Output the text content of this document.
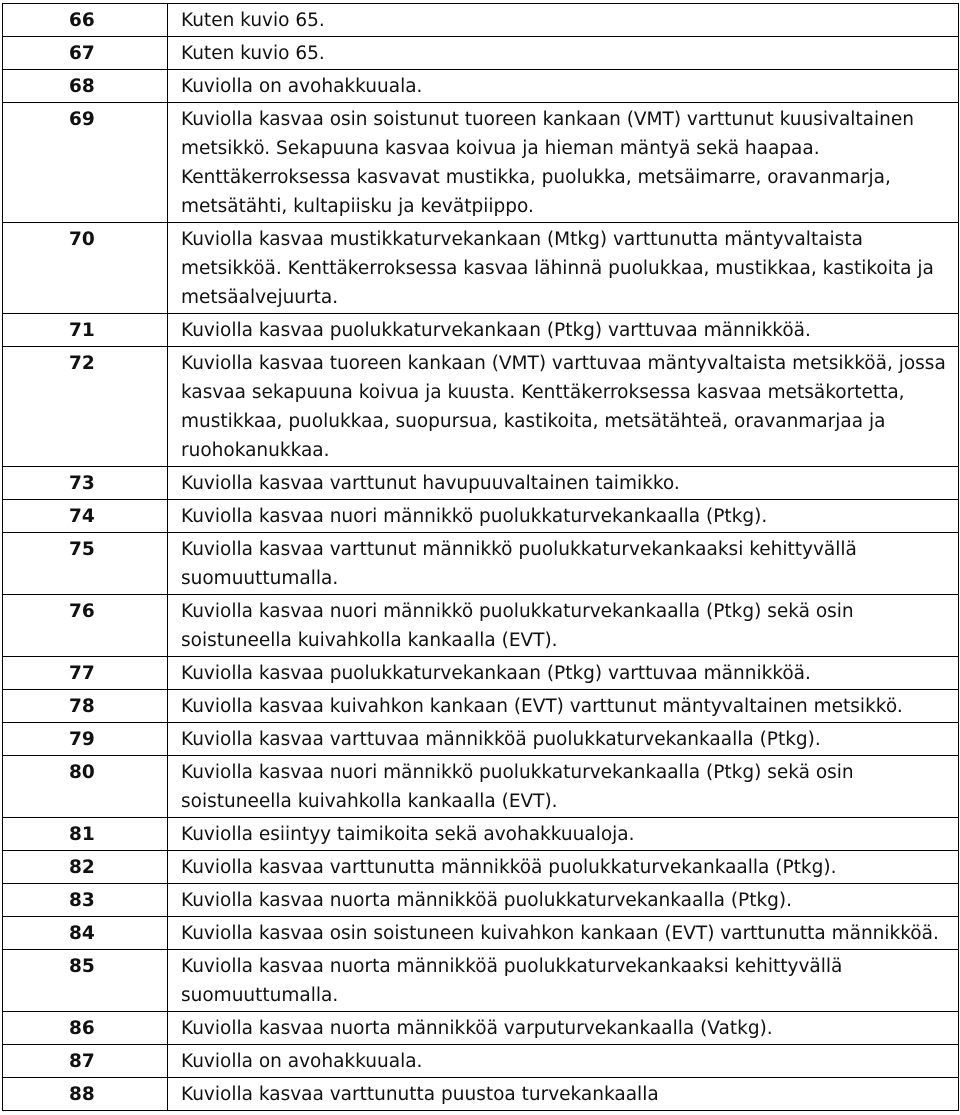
66	Kuten kuvio 65.
67	Kuten kuvio 65.
68	Kuviolla on avohakkuuala.
69	Kuviolla kasvaa osin soistunut tuoreen kankaan (VMT) varttunut kuusivaltainen metsikkö. Sekapuuna kasvaa koivua ja hieman mäntyä sekä haapaa. Kenttäkerroksessa kasvavat mustikka, puolukka, metsäimarre, oravanmarja, metsätähti, kultapiisku ja kevätpiippo.
70	Kuviolla kasvaa mustikkaturvekankaan (Mtkg) varttunutta mäntyvaltaista metsikköä. Kenttäkerroksessa kasvaa lähinnä puolukkaa, mustikkaa, kastikoita ja metsäalvejuurta.
71	Kuviolla kasvaa puolukkaturvekankaan (Ptkg) varttuvaa männikköä.
72	Kuviolla kasvaa tuoreen kankaan (VMT) varttuvaa mäntyvaltaista metsikköä, jossa kasvaa sekapuuna koivua ja kuusta. Kenttäkerroksessa kasvaa metsäkortetta, mustikkaa, puolukkaa, suopursua, kastikoita, metsätähteä, oravanmarjaa ja ruohokanukkaa.
73	Kuviolla kasvaa varttunut havupuuvaltainen taimikko.
74	Kuviolla kasvaa nuori männikkö puolukkaturvekankaalla (Ptkg).
75	Kuviolla kasvaa varttunut männikkö puolukkaturvekankaaksi kehittyvällä suomuuttumalla.
76	Kuviolla kasvaa nuori männikkö puolukkaturvekankaalla (Ptkg) sekä osin soistuneella kuivahkolla kankaalla (EVT).
77	Kuviolla kasvaa puolukkaturvekankaan (Ptkg) varttuvaa männikköä.
78	Kuviolla kasvaa kuivahkon kankaan (EVT) varttunut mäntyvaltainen metsikkö.
79	Kuviolla kasvaa varttuvaa männikköä puolukkaturvekankaalla (Ptkg).
80	Kuviolla kasvaa nuori männikkö puolukkaturvekankaalla (Ptkg) sekä osin soistuneella kuivahkolla kankaalla (EVT).
81	Kuviolla esiintyy taimikoita sekä avohakkuualoja.
82	Kuviolla kasvaa varttunutta männikköä puolukkaturvekankaalla (Ptkg).
83	Kuviolla kasvaa nuorta männikköä puolukkaturvekankaalla (Ptkg).
84	Kuviolla kasvaa osin soistuneen kuivahkon kankaan (EVT) varttunutta männikköä.
85	Kuviolla kasvaa nuorta männikköä puolukkaturvekankaaksi kehittyvällä suomuuttumalla.
86	Kuviolla kasvaa nuorta männikköä varputurvekankaalla (Vatkg).
87	Kuviolla on avohakkuuala.
88	Kuviolla kasvaa varttunutta puustoa turvekankaalla
